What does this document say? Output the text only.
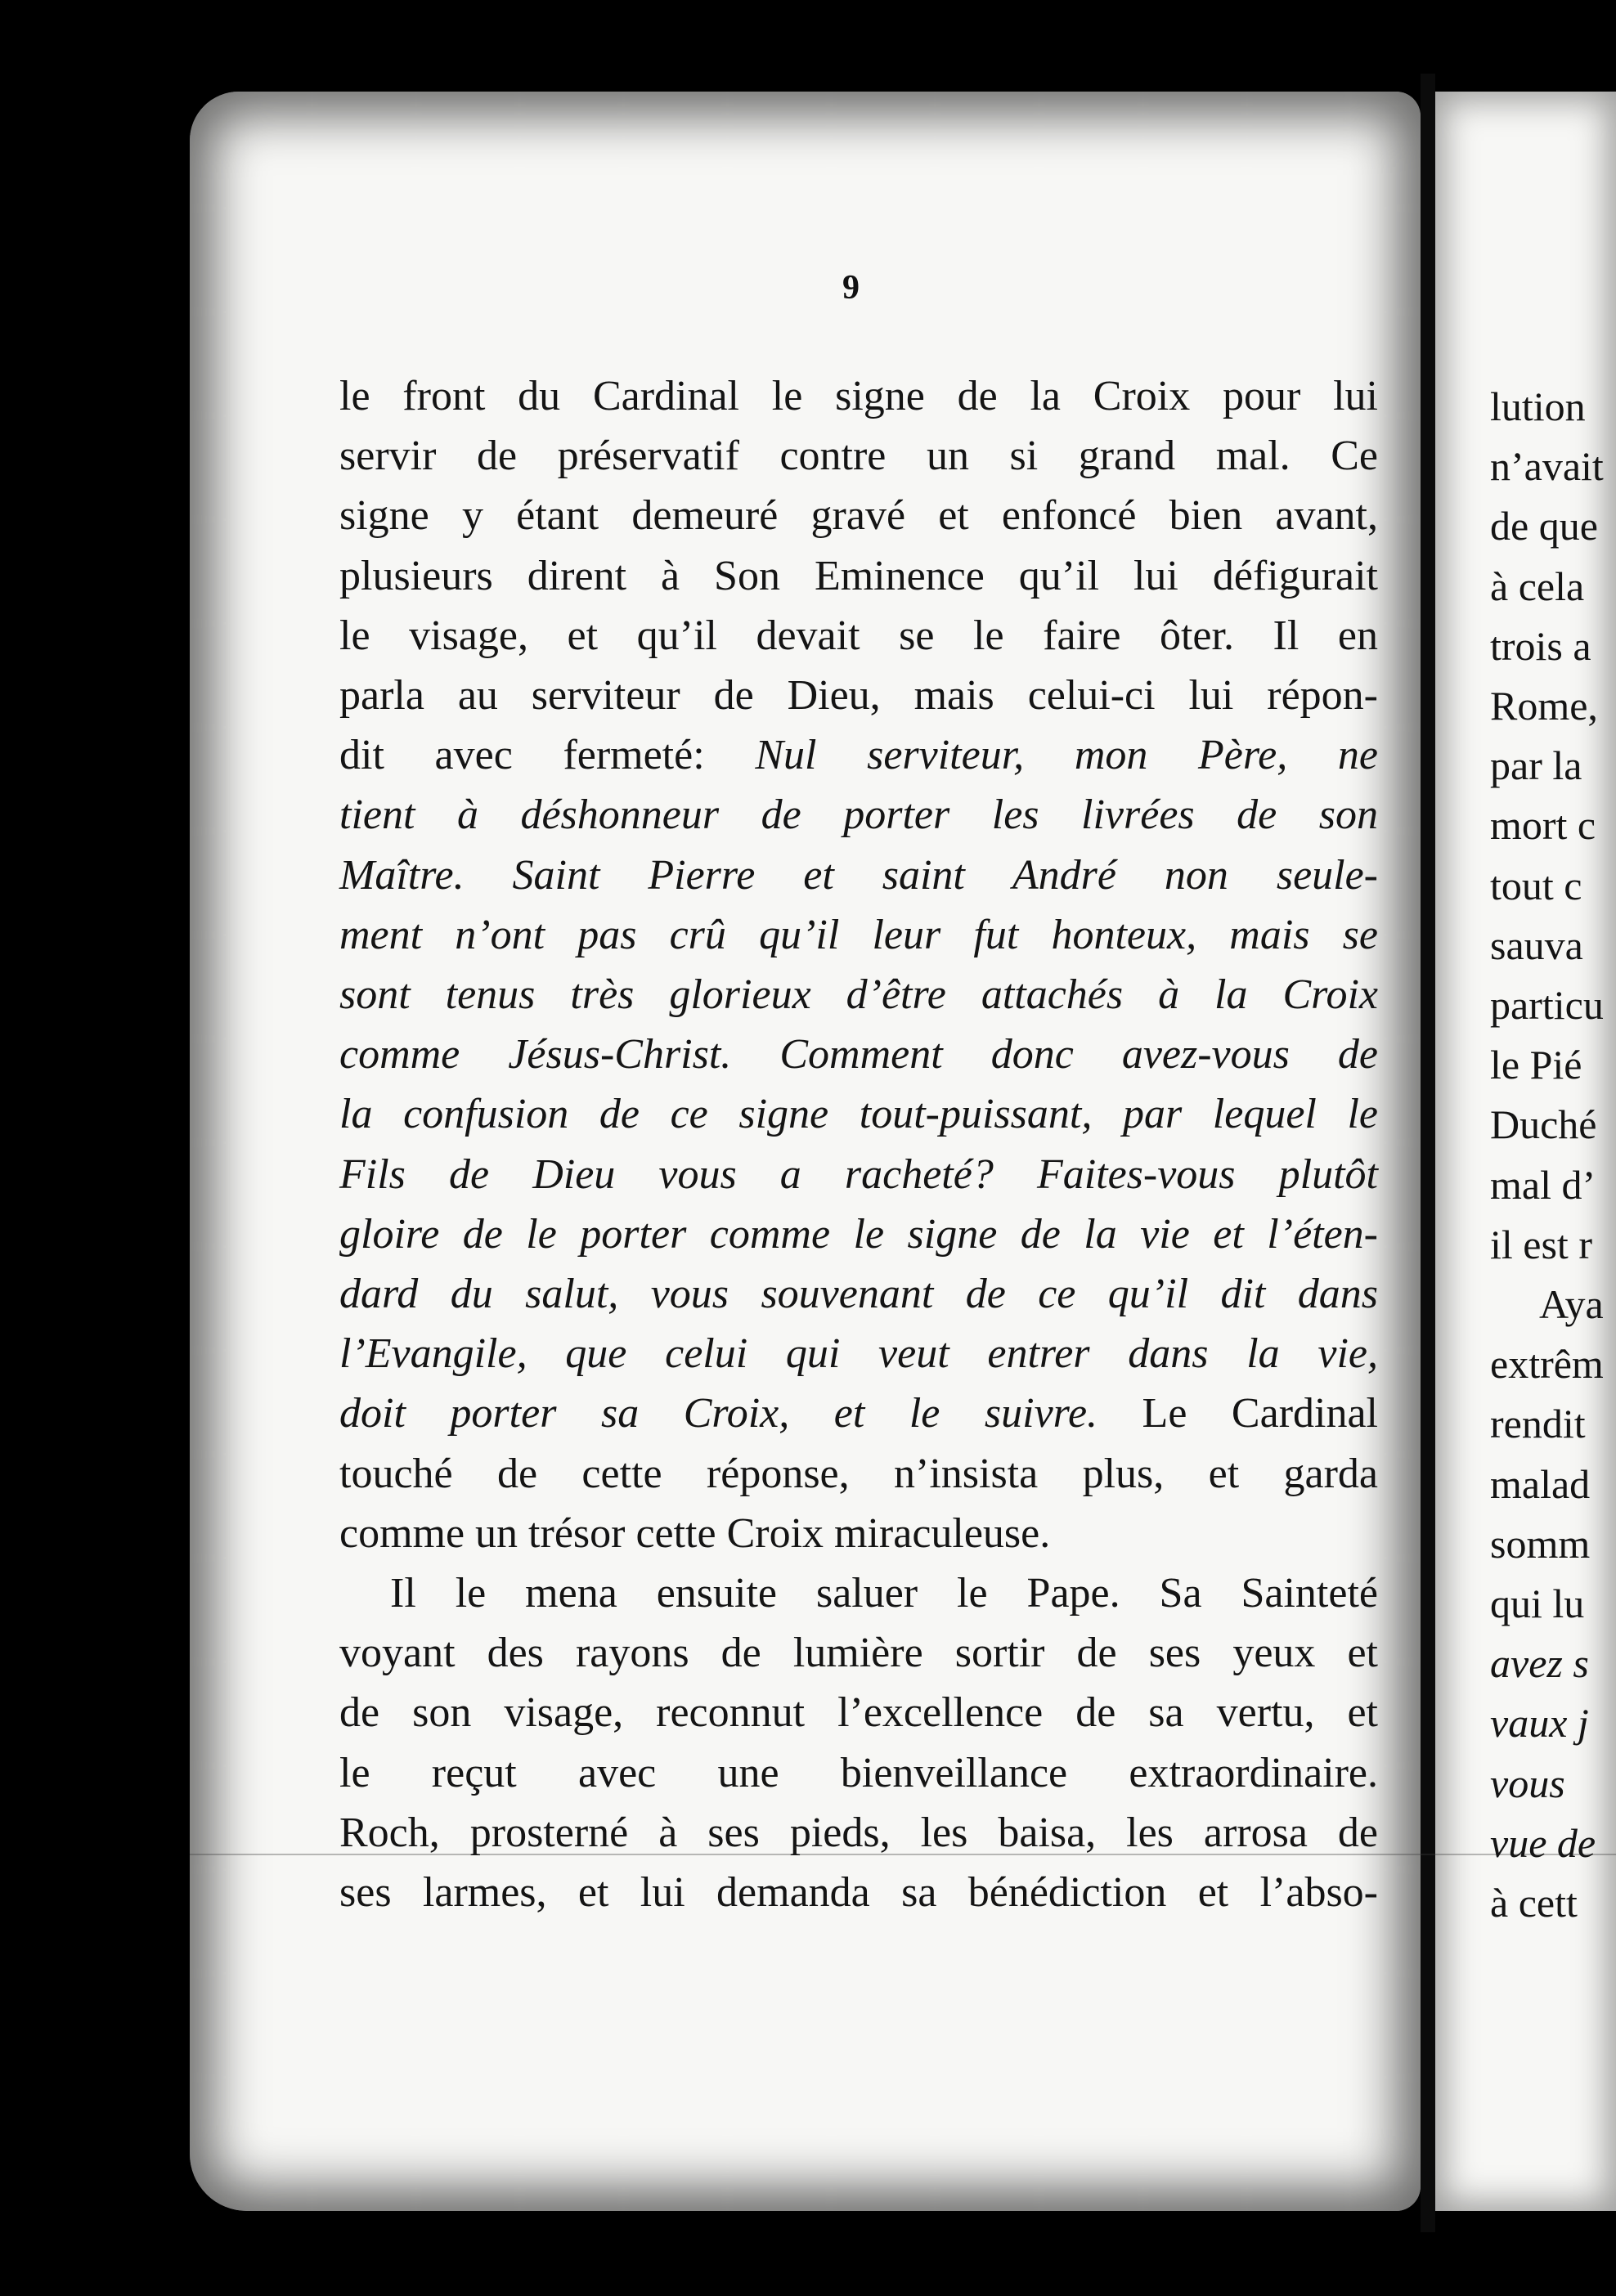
9
le front du Cardinal le signe de la Croix pour lui
servir de préservatif contre un si grand mal. Ce
signe y étant demeuré gravé et enfoncé bien avant,
plusieurs dirent à Son Eminence qu’il lui défigurait
le visage, et qu’il devait se le faire ôter. Il en
parla au serviteur de Dieu, mais celui-ci lui répon-
dit avec fermeté: Nul serviteur, mon Père, ne
tient à déshonneur de porter les livrées de son
Maître. Saint Pierre et saint André non seule-
ment n’ont pas crû qu’il leur fut honteux, mais se
sont tenus très glorieux d’être attachés à la Croix
comme Jésus-Christ. Comment donc avez-vous de
la confusion de ce signe tout-puissant, par lequel le
Fils de Dieu vous a racheté? Faites-vous plutôt
gloire de le porter comme le signe de la vie et l’éten-
dard du salut, vous souvenant de ce qu’il dit dans
l’Evangile, que celui qui veut entrer dans la vie,
doit porter sa Croix, et le suivre. Le Cardinal
touché de cette réponse, n’insista plus, et garda
comme un trésor cette Croix miraculeuse.
Il le mena ensuite saluer le Pape. Sa Sainteté
voyant des rayons de lumière sortir de ses yeux et
de son visage, reconnut l’excellence de sa vertu, et
le reçut avec une bienveillance extraordinaire.
Roch, prosterné à ses pieds, les baisa, les arrosa de
ses larmes, et lui demanda sa bénédiction et l’abso-
lution
n’avait
de que
à cela
trois a
Rome,
par la
mort c
tout c
sauva
particu
le Pié
Duché
mal d’
il est r
Aya
extrêm
rendit
malad
somm
qui lu
avez s
vaux j
vous
vue de
à cett
